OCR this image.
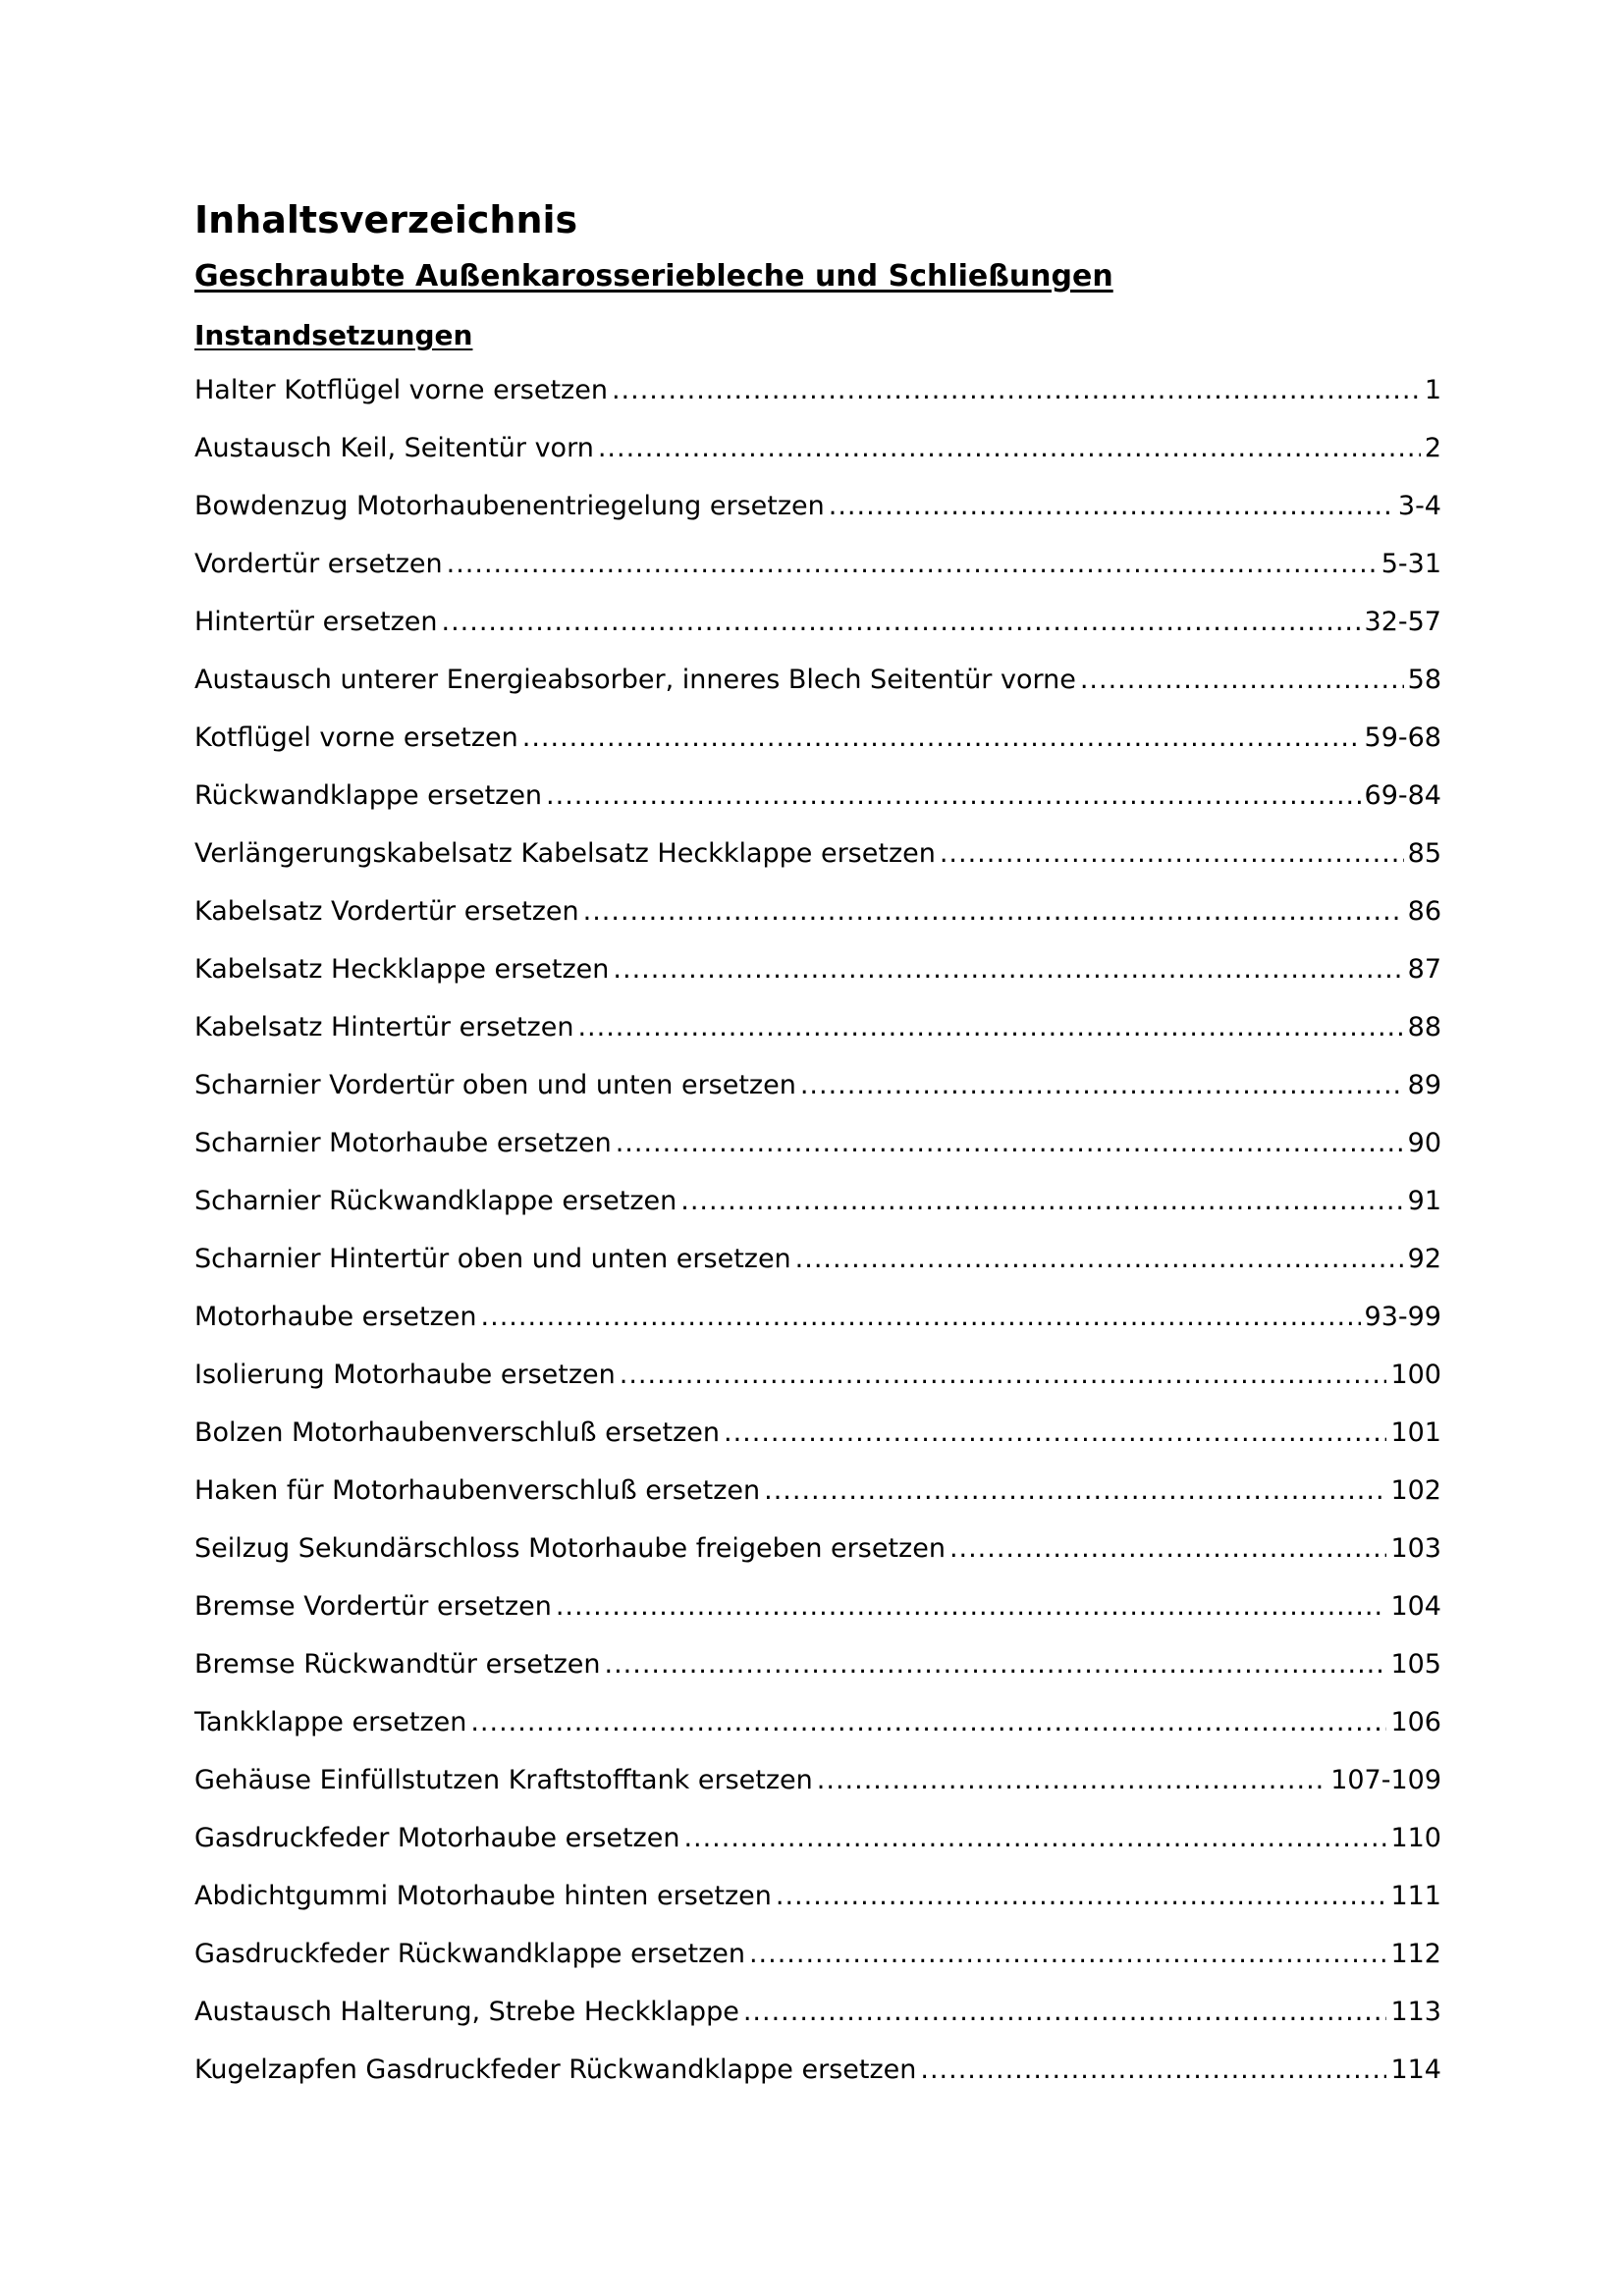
Inhaltsverzeichnis
Geschraubte Außenkarosseriebleche und Schließungen
Instandsetzungen
Halter Kotflügel vorne ersetzen .....	1
Austausch Keil, Seitentür vorn .....	2
Bowdenzug Motorhaubenentriegelung ersetzen .....	3-4
Vordertür ersetzen .....	5-31
Hintertür ersetzen .....	32-57
Austausch unterer Energieabsorber, inneres Blech Seitentür vorne .....	58
Kotflügel vorne ersetzen .....	59-68
Rückwandklappe ersetzen .....	69-84
Verlängerungskabelsatz Kabelsatz Heckklappe ersetzen .....	85
Kabelsatz Vordertür ersetzen .....	86
Kabelsatz Heckklappe ersetzen .....	87
Kabelsatz Hintertür ersetzen .....	88
Scharnier Vordertür oben und unten ersetzen .....	89
Scharnier Motorhaube ersetzen .....	90
Scharnier Rückwandklappe ersetzen .....	91
Scharnier Hintertür oben und unten ersetzen .....	92
Motorhaube ersetzen .....	93-99
Isolierung Motorhaube ersetzen .....	100
Bolzen Motorhaubenverschluß ersetzen .....	101
Haken für Motorhaubenverschluß ersetzen .....	102
Seilzug Sekundärschloss Motorhaube freigeben ersetzen .....	103
Bremse Vordertür ersetzen .....	104
Bremse Rückwandtür ersetzen .....	105
Tankklappe ersetzen .....	106
Gehäuse Einfüllstutzen Kraftstofftank ersetzen .....	107-109
Gasdruckfeder Motorhaube ersetzen .....	110
Abdichtgummi Motorhaube hinten ersetzen .....	111
Gasdruckfeder Rückwandklappe ersetzen .....	112
Austausch Halterung, Strebe Heckklappe .....	113
Kugelzapfen Gasdruckfeder Rückwandklappe ersetzen .....	114
